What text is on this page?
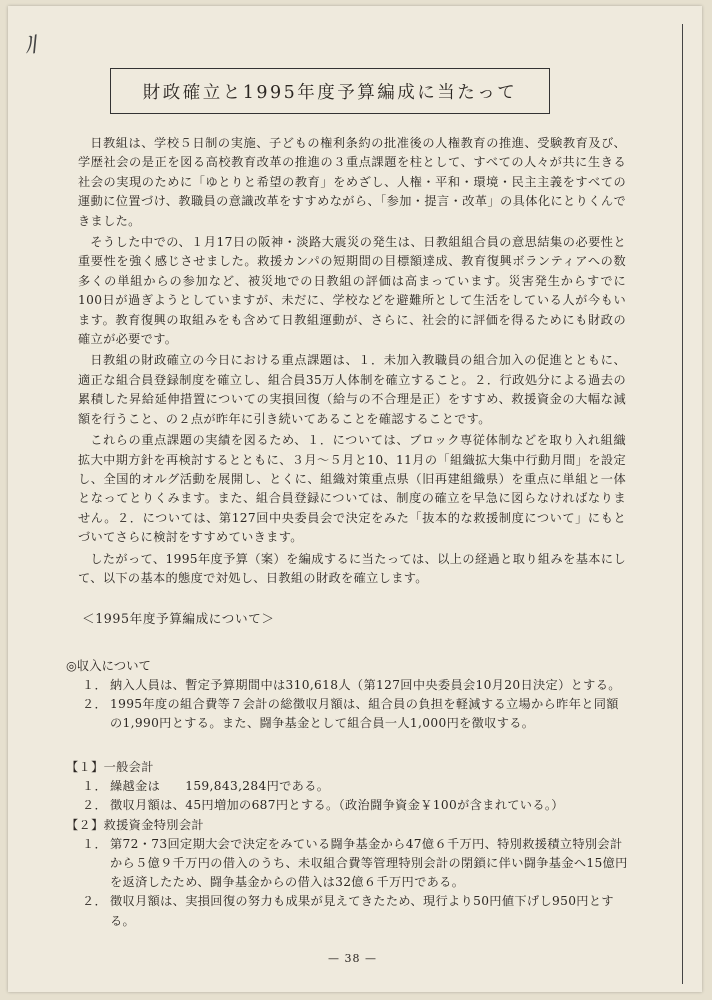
ﾉ/
財政確立と1995年度予算編成に当たって

日教組は、学校５日制の実施、子どもの権利条約の批准後の人権教育の推進、受験教育及び、学歴社会の是正を図る高校教育改革の推進の３重点課題を柱として、すべての人々が共に生きる社会の実現のために「ゆとりと希望の教育」をめざし、人権・平和・環境・民主主義をすべての運動に位置づけ、教職員の意識改革をすすめながら、「参加・提言・改革」の具体化にとりくんできました。

そうした中での、１月17日の阪神・淡路大震災の発生は、日教組組合員の意思結集の必要性と重要性を強く感じさせました。救援カンパの短期間の目標額達成、教育復興ボランティアへの数多くの単組からの参加など、被災地での日教組の評価は高まっています。災害発生からすでに100日が過ぎようとしていますが、未だに、学校などを避難所として生活をしている人が今もいます。教育復興の取組みをも含めて日教組運動が、さらに、社会的に評価を得るためにも財政の確立が必要です。

日教組の財政確立の今日における重点課題は、１．未加入教職員の組合加入の促進とともに、適正な組合員登録制度を確立し、組合員35万人体制を確立すること。２．行政処分による過去の累積した昇給延伸措置についての実損回復（給与の不合理是正）をすすめ、救援資金の大幅な減額を行うこと、の２点が昨年に引き続いてあることを確認することです。

これらの重点課題の実績を図るため、１．については、ブロック専従体制などを取り入れ組織拡大中期方針を再検討するとともに、３月～５月と10、11月の「組織拡大集中行動月間」を設定し、全国的オルグ活動を展開し、とくに、組織対策重点県（旧再建組織県）を重点に単組と一体となってとりくみます。また、組合員登録については、制度の確立を早急に図らなければなりません。２．については、第127回中央委員会で決定をみた「抜本的な救援制度について」にもとづいてさらに検討をすすめていきます。

したがって、1995年度予算（案）を編成するに当たっては、以上の経過と取り組みを基本にして、以下の基本的態度で対処し、日教組の財政を確立します。

＜1995年度予算編成について＞
◎収入について
１． 納入人員は、暫定予算期間中は310,618人（第127回中央委員会10月20日決定）とする。
２． 1995年度の組合費等７会計の総徴収月額は、組合員の負担を軽減する立場から昨年と同額の1,990円とする。また、闘争基金として組合員一人1,000円を徴収する。
【１】一般会計
１． 繰越金は　　159,843,284円である。
２． 徴収月額は、45円増加の687円とする。（政治闘争資金￥100が含まれている。）
【２】救援資金特別会計
１． 第72・73回定期大会で決定をみている闘争基金から47億６千万円、特別救援積立特別会計から５億９千万円の借入のうち、未収組合費等管理特別会計の閉鎖に伴い闘争基金へ15億円を返済したため、闘争基金からの借入は32億６千万円である。
２． 徴収月額は、実損回復の努力も成果が見えてきたため、現行より50円値下げし950円とする。
— 38 —
